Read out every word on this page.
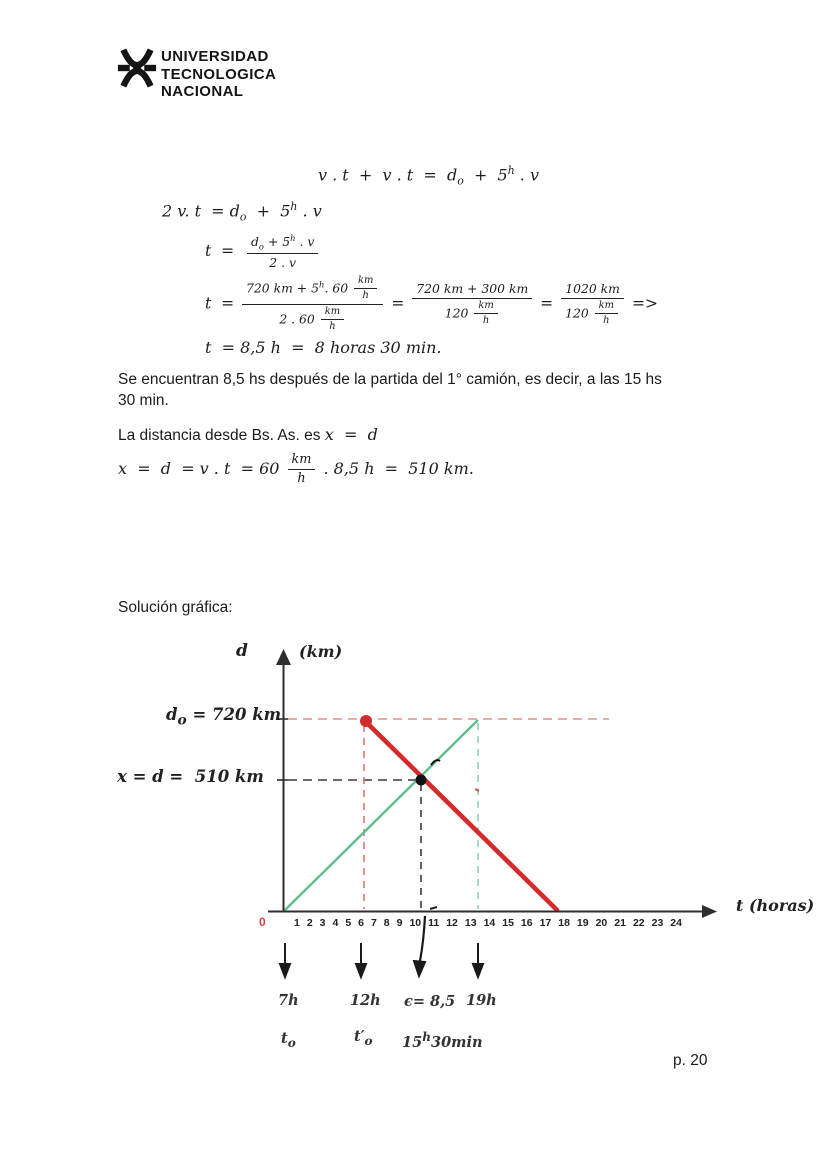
UNIVERSIDAD
TECNOLOGICA
NACIONAL
v . t  +  v . $t = d_o + 5^h$ . v
2 v. $t = d_o + 5^h$ . v
$t = \frac{d_o + 5^h . v}{2 . v}$
$t = \frac{720 km + 5^h. 60 \frac{km}{h}}{2 . 60 \frac{km}{h}} = \frac{720 km + 300 km}{120 \frac{km}{h}} = \frac{1020 km}{120 \frac{km}{h}}$ =>
t  = 8,5 h  =  8 horas 30 min.
Se encuentran 8,5 hs después de la partida del 1° camión, es decir, a las 15 hs
30 min.
La distancia desde Bs. As. es x  =  d
x  =  d  = v . $t = 60 \frac{km}{h}$ . 8,5 h  =  510 km.
Solución gráfica:
d	(km)
t (horas)
$d_o = 720$ km
x = d =  510 km
0	1 2 3 4 5 6 7 8 9 10 11 12 13 14 15 16 17 18 19 20 21 22 23 24
7h	12h ϵ= 8,5 19h
$t_o$	$t'_o$ 15$^h$30min
p. 20
